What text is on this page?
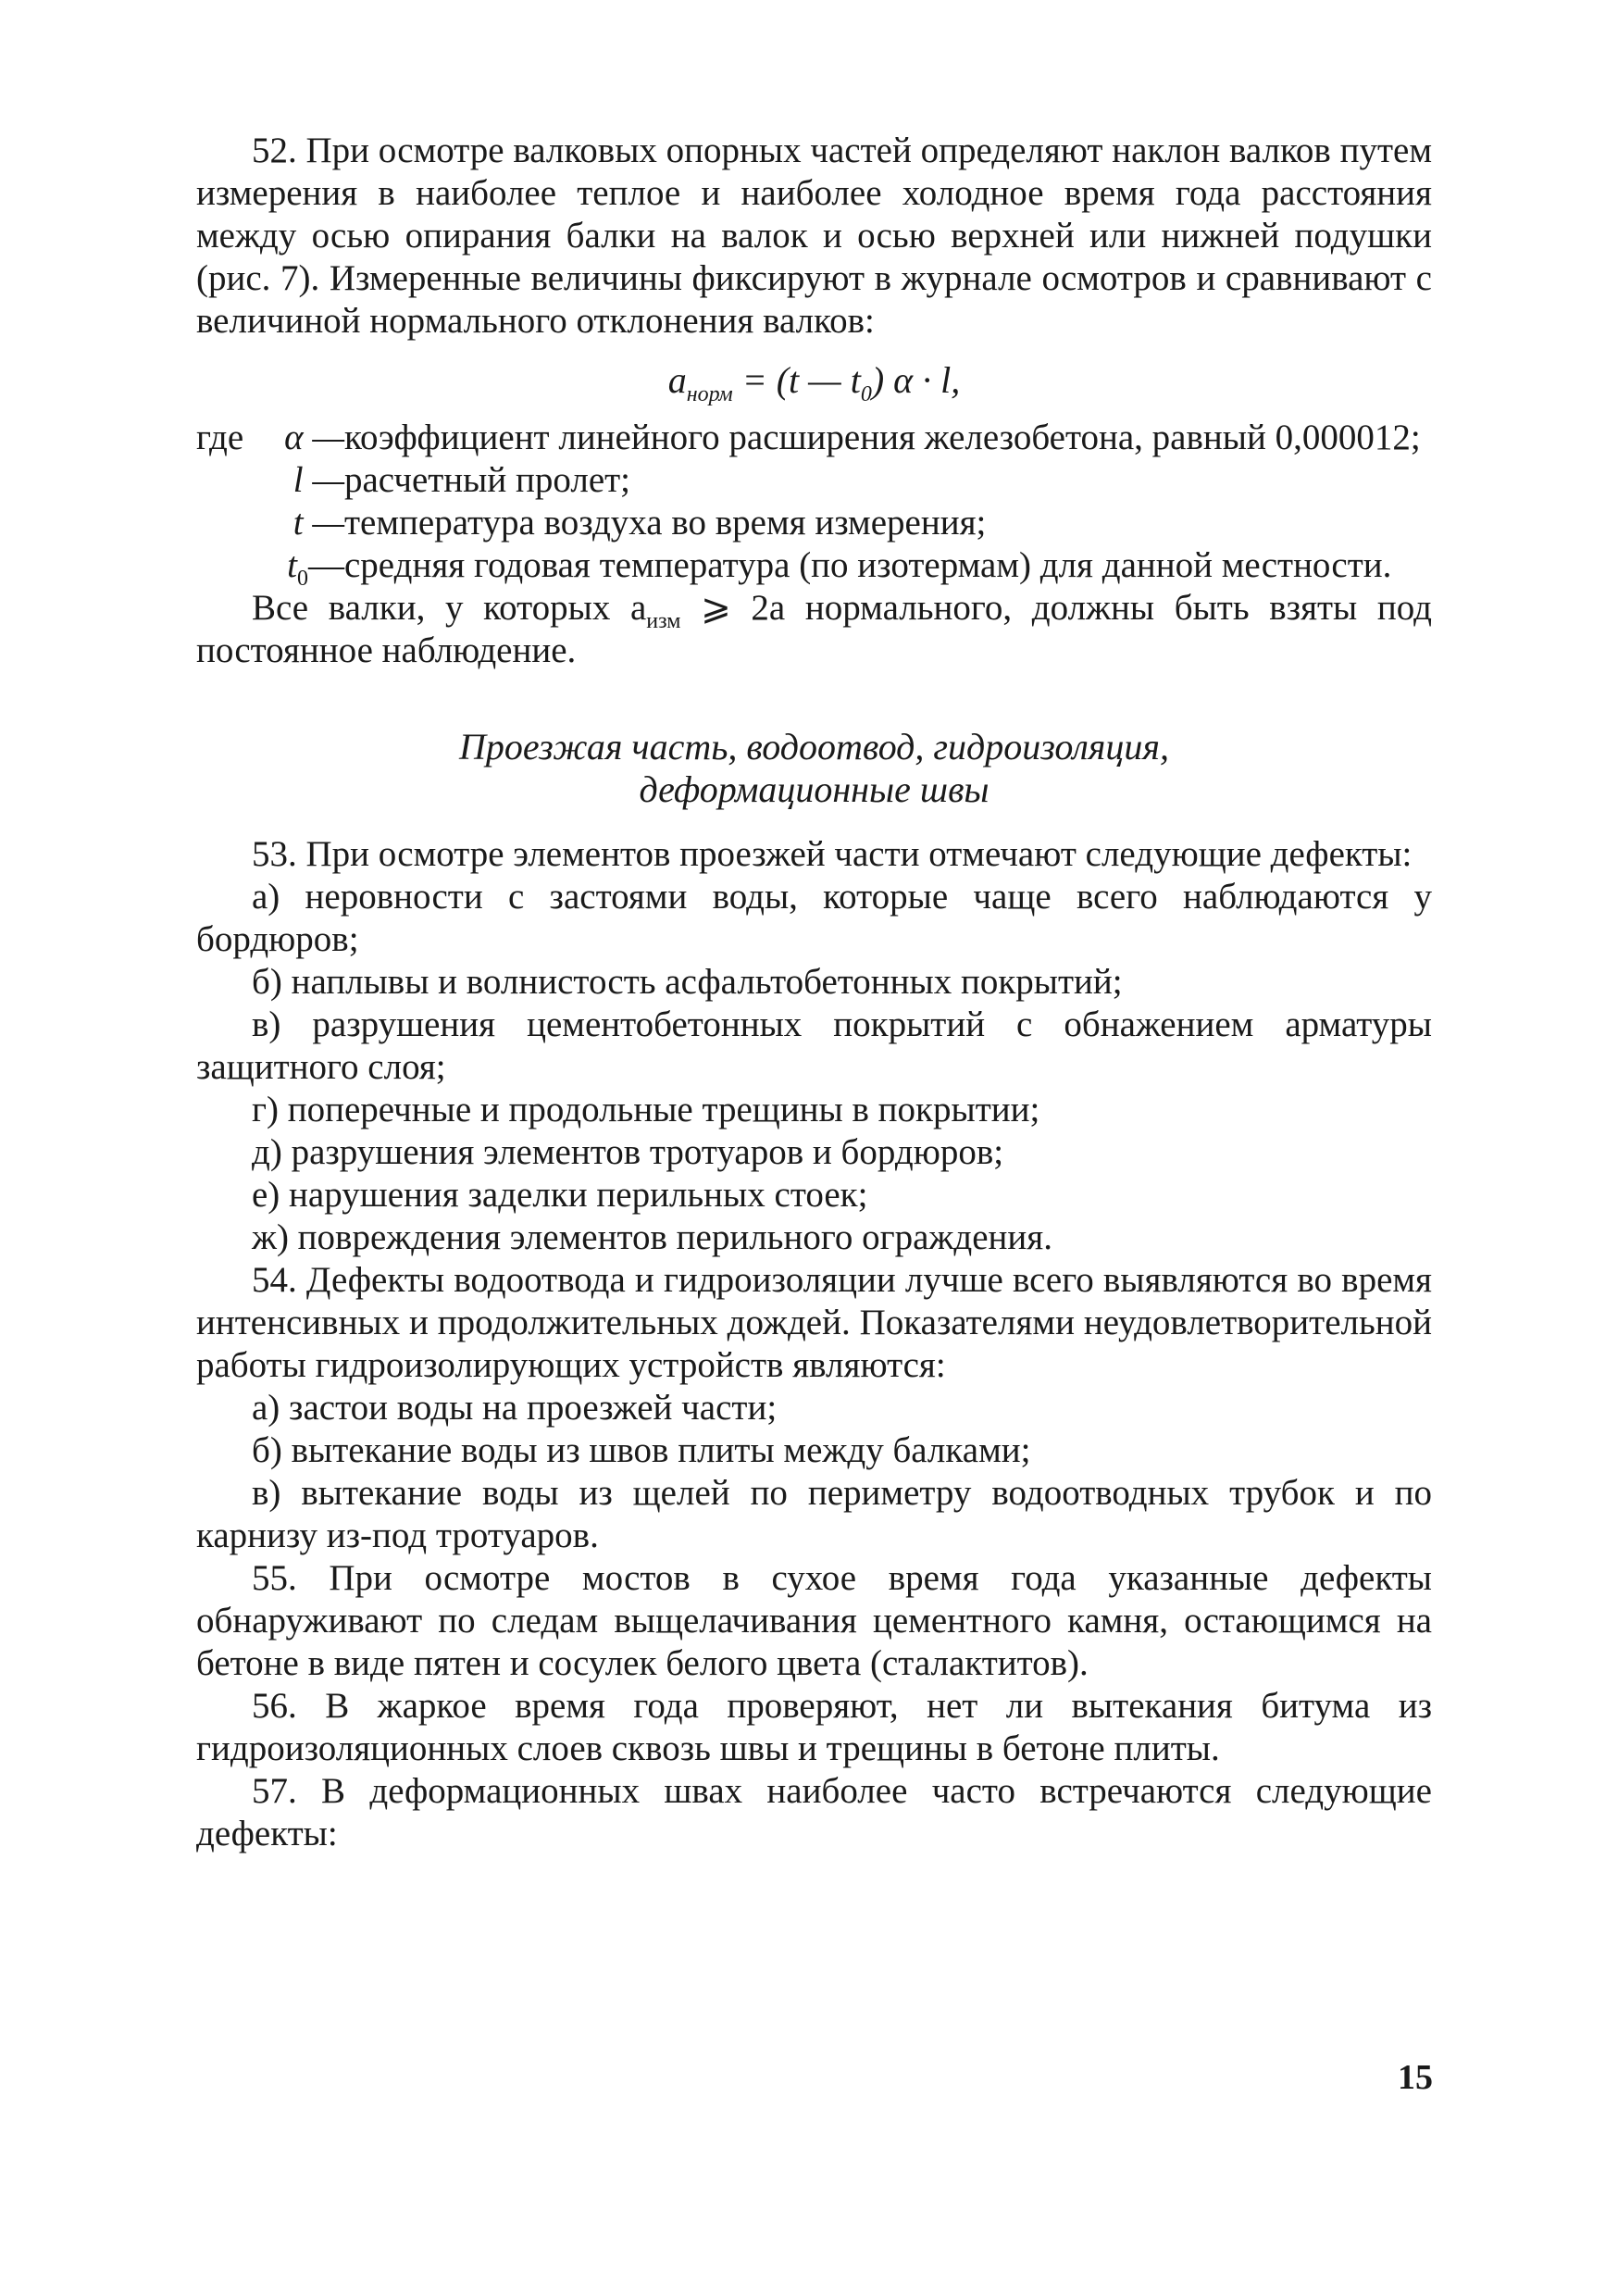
52. При осмотре валковых опорных частей определяют наклон валков путем измерения в наиболее теплое и наиболее холодное время года расстояния между осью опирания балки на валок и осью верхней или нижней подушки (рис. 7). Измеренные величины фиксируют в журнале осмотров и сравнивают с величиной нормального отклонения валков:

$a_{норм} = (t$ — $t_0$) α · l,
где α — коэффициент линейного расширения железобетона, равный 0,000012;
l — расчетный пролет;
t — температура воздуха во время измерения;
$t_0—$ средняя годовая температура (по изотермам) для данной местности.

Все валки, у которых $a_{изм}$ ⩾ 2a нормального, должны быть взяты под постоянное наблюдение.

Проезжая часть, водоотвод, гидроизоляция,
деформационные швы

53. При осмотре элементов проезжей части отмечают следующие дефекты:

а) неровности с застоями воды, которые чаще всего наблюдаются у бордюров;

б) наплывы и волнистость асфальтобетонных покрытий;

в) разрушения цементобетонных покрытий с обнажением арматуры защитного слоя;

г) поперечные и продольные трещины в покрытии;

д) разрушения элементов тротуаров и бордюров;

е) нарушения заделки перильных стоек;

ж) повреждения элементов перильного ограждения.

54. Дефекты водоотвода и гидроизоляции лучше всего выявляются во время интенсивных и продолжительных дождей. Показателями неудовлетворительной работы гидроизолирующих устройств являются:

а) застои воды на проезжей части;

б) вытекание воды из швов плиты между балками;

в) вытекание воды из щелей по периметру водоотводных трубок и по карнизу из-под тротуаров.

55. При осмотре мостов в сухое время года указанные дефекты обнаруживают по следам выщелачивания цементного камня, остающимся на бетоне в виде пятен и сосулек белого цвета (сталактитов).

56. В жаркое время года проверяют, нет ли вытекания битума из гидроизоляционных слоев сквозь швы и трещины в бетоне плиты.

57. В деформационных швах наиболее часто встречаются следующие дефекты:

15
